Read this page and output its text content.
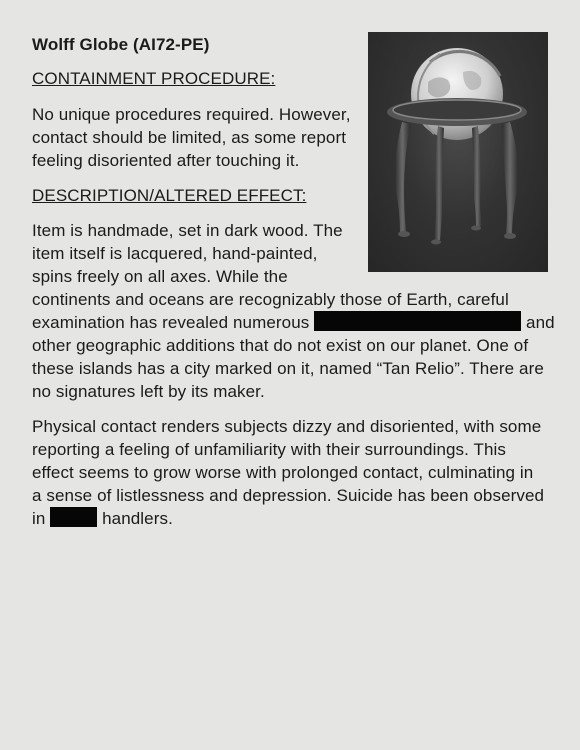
Wolff Globe (AI72-PE)

CONTAINMENT PROCEDURE:

No unique procedures required. However,
contact should be limited, as some report
feeling disoriented after touching it.

DESCRIPTION/ALTERED EFFECT:

Item is handmade, set in dark wood. The
item itself is lacquered, hand-painted,
spins freely on all axes. While the
continents and oceans are recognizably those of Earth, careful
examination has revealed numerous	and
other geographic additions that do not exist on our planet. One of
these islands has a city marked on it, named “Tan Relio”. There are
no signatures left by its maker.

Physical contact renders subjects dizzy and disoriented, with some
reporting a feeling of unfamiliarity with their surroundings. This
effect seems to grow worse with prolonged contact, culminating in
a sense of listlessness and depression. Suicide has been observed
in	handlers.
